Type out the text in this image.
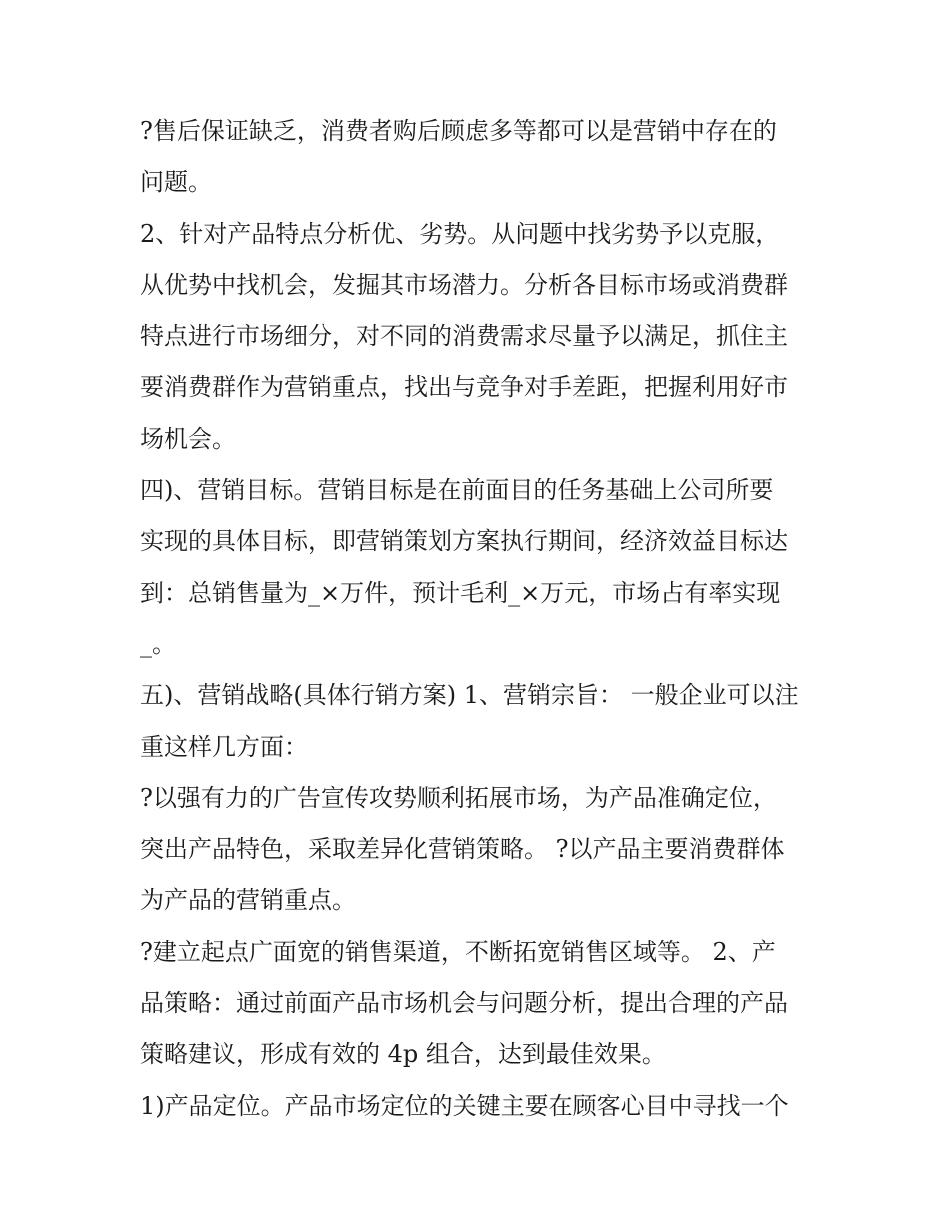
?售后保证缺乏，消费者购后顾虑多等都可以是营销中存在的
问题。
2、针对产品特点分析优、劣势。从问题中找劣势予以克服，
从优势中找机会，发掘其市场潜力。分析各目标市场或消费群
特点进行市场细分，对不同的消费需求尽量予以满足，抓住主
要消费群作为营销重点，找出与竞争对手差距，把握利用好市
场机会。
四)、营销目标。营销目标是在前面目的任务基础上公司所要
实现的具体目标，即营销策划方案执行期间，经济效益目标达
到：总销售量为_×万件，预计毛利_×万元，市场占有率实现
_。
五)、营销战略(具体行销方案) 1、营销宗旨： 一般企业可以注
重这样几方面：
?以强有力的广告宣传攻势顺利拓展市场，为产品准确定位，
突出产品特色，采取差异化营销策略。 ?以产品主要消费群体
为产品的营销重点。
?建立起点广面宽的销售渠道，不断拓宽销售区域等。 2、产
品策略：通过前面产品市场机会与问题分析，提出合理的产品
策略建议，形成有效的 4p 组合，达到最佳效果。
1)产品定位。产品市场定位的关键主要在顾客心目中寻找一个
